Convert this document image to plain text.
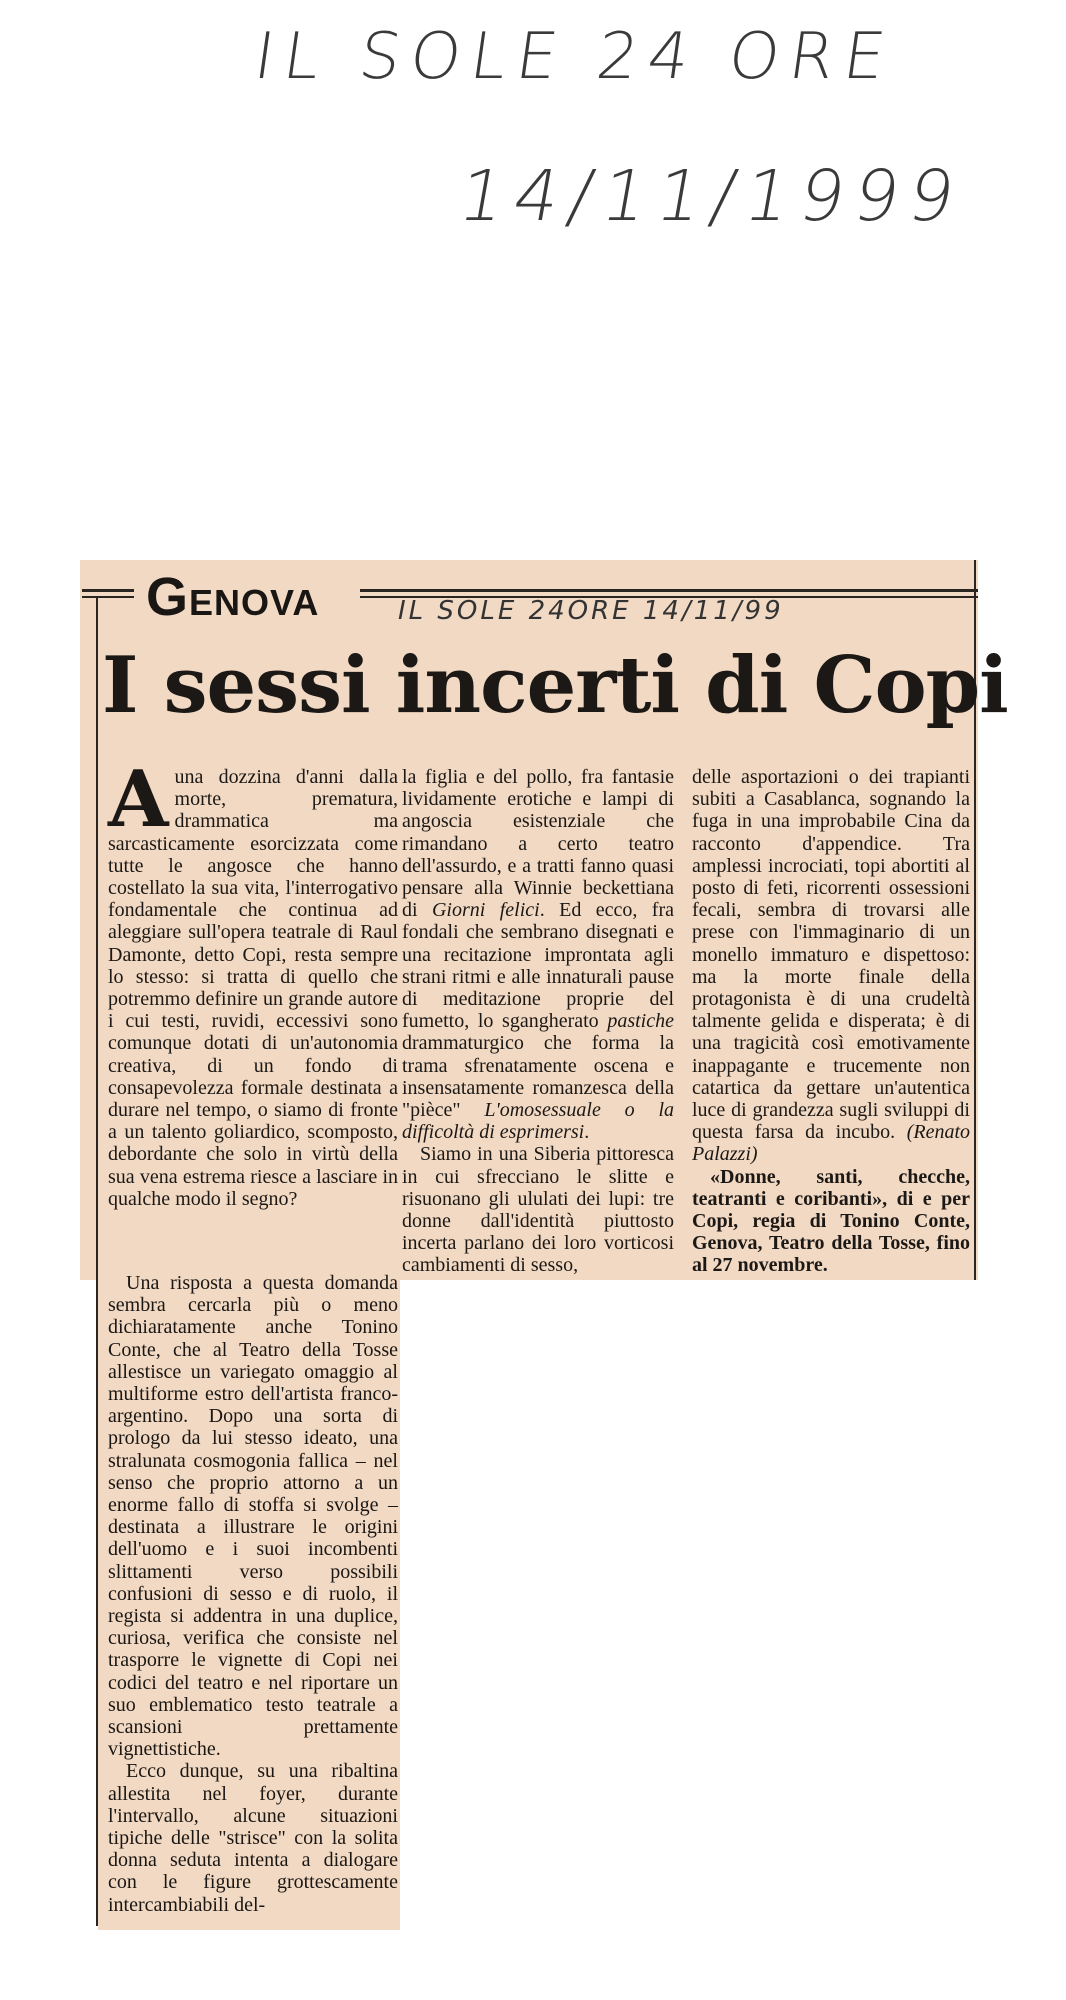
IL SOLE 24 ORE
14/11/1999
GENOVA	IL SOLE 24ORE 14/11/99
I sessi incerti di Copi

Auna dozzina d'anni dalla morte, prematura, drammatica ma sarcasticamente esorcizzata come tutte le angosce che hanno costellato la sua vita, l'interrogativo fondamentale che continua ad aleggiare sull'opera teatrale di Raul Damonte, detto Copi, resta sempre lo stesso: si tratta di quello che potremmo definire un grande autore i cui testi, ruvidi, eccessivi sono comunque dotati di un'autonomia creativa, di un fondo di consapevolezza formale destinata a durare nel tempo, o siamo di fronte a un talento goliardico, scomposto, debordante che solo in virtù della sua vena estrema riesce a lasciare in qualche modo il segno?

Una risposta a questa domanda sembra cercarla più o meno dichiaratamente anche Tonino Conte, che al Teatro della Tosse allestisce un variegato omaggio al multiforme estro dell'artista franco-argentino. Dopo una sorta di prologo da lui stesso ideato, una stralunata cosmogonia fallica – nel senso che proprio attorno a un enorme fallo di stoffa si svolge – destinata a illustrare le origini dell'uomo e i suoi incombenti slittamenti verso possibili confusioni di sesso e di ruolo, il regista si addentra in una duplice, curiosa, verifica che consiste nel trasporre le vignette di Copi nei codici del teatro e nel riportare un suo emblematico testo teatrale a scansioni prettamente vignettistiche.

Ecco dunque, su una ribaltina allestita nel foyer, durante l'intervallo, alcune situazioni tipiche delle "strisce" con la solita donna seduta intenta a dialogare con le figure grottescamente intercambiabili del-

la figlia e del pollo, fra fantasie lividamente erotiche e lampi di angoscia esistenziale che rimandano a certo teatro dell'assurdo, e a tratti fanno quasi pensare alla Winnie beckettiana di Giorni felici. Ed ecco, fra fondali che sembrano disegnati e una recitazione improntata agli strani ritmi e alle innaturali pause di meditazione proprie del fumetto, lo sgangherato pastiche drammaturgico che forma la trama sfrenatamente oscena e insensatamente romanzesca della "pièce" L'omosessuale o la difficoltà di esprimersi.

Siamo in una Siberia pittoresca in cui sfrecciano le slitte e risuonano gli ululati dei lupi: tre donne dall'identità piuttosto incerta parlano dei loro vorticosi cambiamenti di sesso,

delle asportazioni o dei trapianti subiti a Casablanca, sognando la fuga in una improbabile Cina da racconto d'appendice. Tra amplessi incrociati, topi abortiti al posto di feti, ricorrenti ossessioni fecali, sembra di trovarsi alle prese con l'immaginario di un monello immaturo e dispettoso: ma la morte finale della protagonista è di una crudeltà talmente gelida e disperata; è di una tragicità così emotivamente inappagante e trucemente non catartica da gettare un'autentica luce di grandezza sugli sviluppi di questa farsa da incubo. (Renato Palazzi)

«Donne, santi, checche, teatranti e coribanti», di e per Copi, regia di Tonino Conte, Genova, Teatro della Tosse, fino al 27 novembre.
